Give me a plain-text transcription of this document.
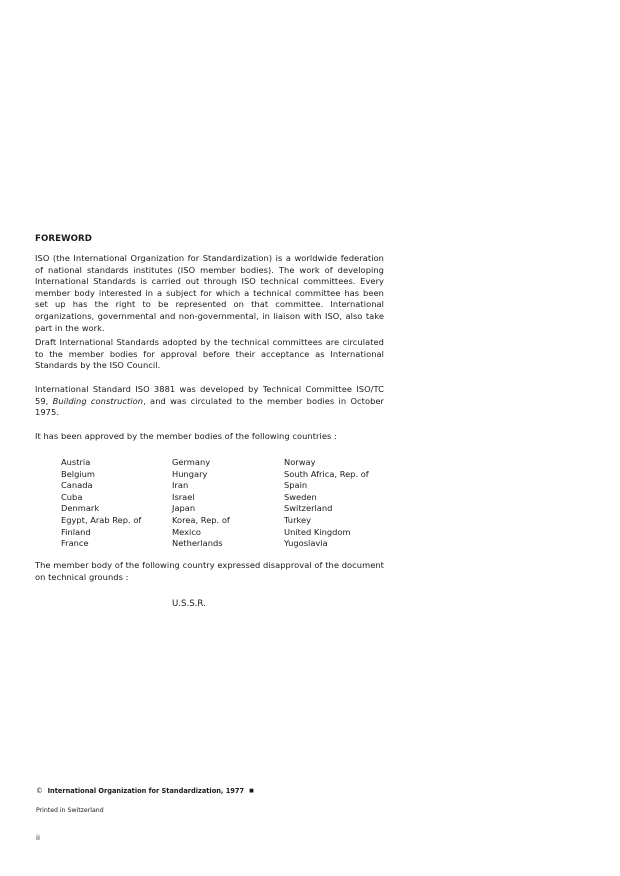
FOREWORD

ISO (the International Organization for Standardization) is a worldwide federation of national standards institutes (ISO member bodies). The work of developing International Standards is carried out through ISO technical committees. Every member body interested in a subject for which a technical committee has been set up has the right to be represented on that committee. International organizations, governmental and non-governmental, in liaison with ISO, also take part in the work.

Draft International Standards adopted by the technical committees are circulated to the member bodies for approval before their acceptance as International Standards by the ISO Council.

International Standard ISO 3881 was developed by Technical Committee ISO/TC 59, Building construction, and was circulated to the member bodies in October 1975.

It has been approved by the member bodies of the following countries :

Austria
Belgium
Canada
Cuba
Denmark
Egypt, Arab Rep. of
Finland
France
Germany
Hungary
Iran
Israel
Japan
Korea, Rep. of
Mexico
Netherlands
Norway
South Africa, Rep. of
Spain
Sweden
Switzerland
Turkey
United Kingdom
Yugoslavia

The member body of the following country expressed disapproval of the document on technical grounds :

U.S.S.R.
© International Organization for Standardization, 1977 ■
Printed in Switzerland
ii
